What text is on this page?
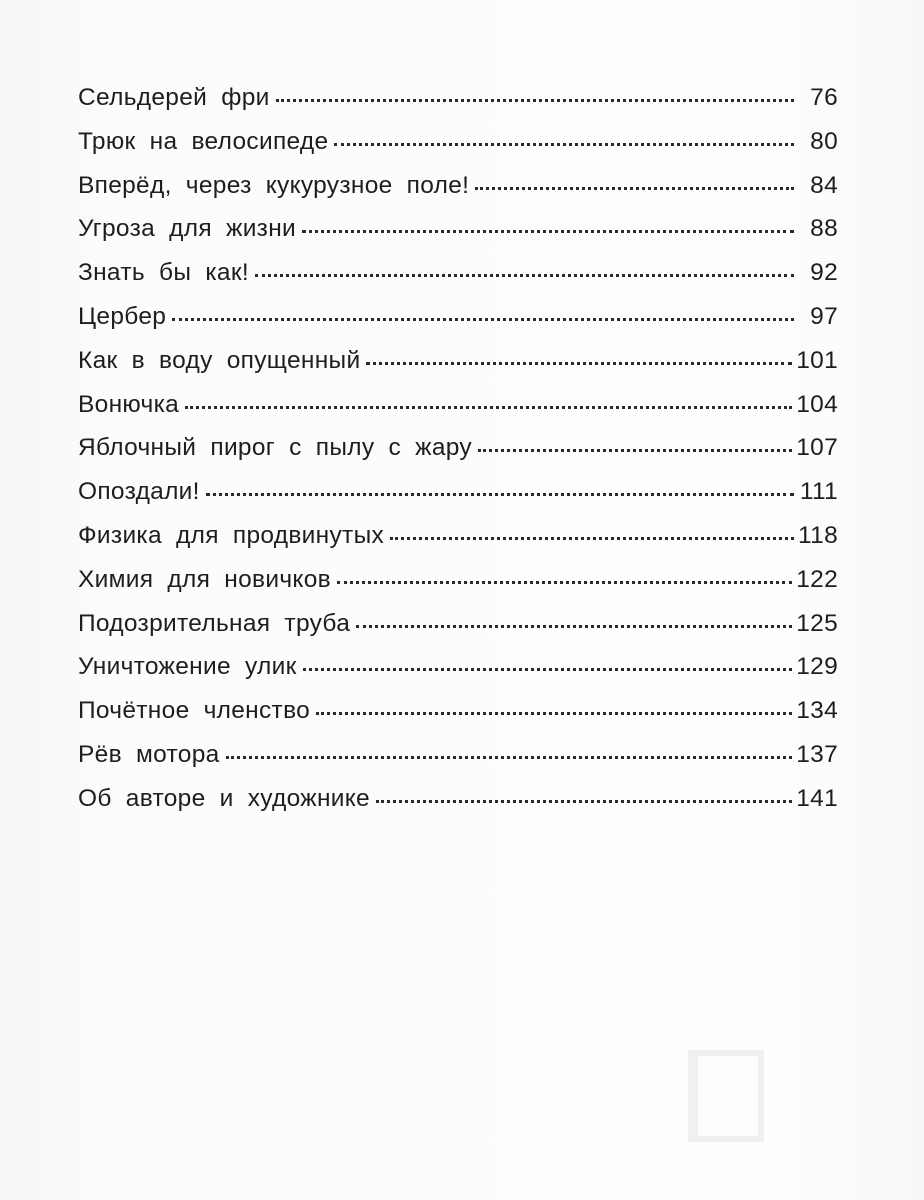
Сельдерей фри	76
Трюк на велосипеде	80
Вперёд, через кукурузное поле!	84
Угроза для жизни	88
Знать бы как!	92
Цербер	97
Как в воду опущенный	101
Вонючка	104
Яблочный пирог с пылу с жару	107
Опоздали!	111
Физика для продвинутых	118
Химия для новичков	122
Подозрительная труба	125
Уничтожение улик	129
Почётное членство	134
Рёв мотора	137
Об авторе и художнике	141
